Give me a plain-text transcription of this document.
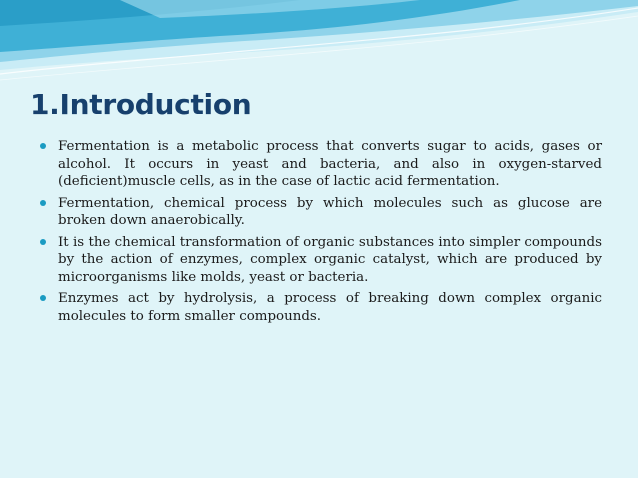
1.Introduction
Fermentation is a metabolic process that converts sugar to acids, gases or alcohol. It occurs in yeast and bacteria, and also in oxygen-starved (deficient)muscle cells, as in the case of lactic acid fermentation.
Fermentation, chemical process by which molecules such as glucose are broken down anaerobically.
It is the chemical transformation of organic substances into simpler compounds by the action of enzymes, complex organic catalyst, which are produced by microorganisms like molds, yeast or bacteria.
Enzymes act by hydrolysis, a process of breaking down complex organic molecules to form smaller compounds.
